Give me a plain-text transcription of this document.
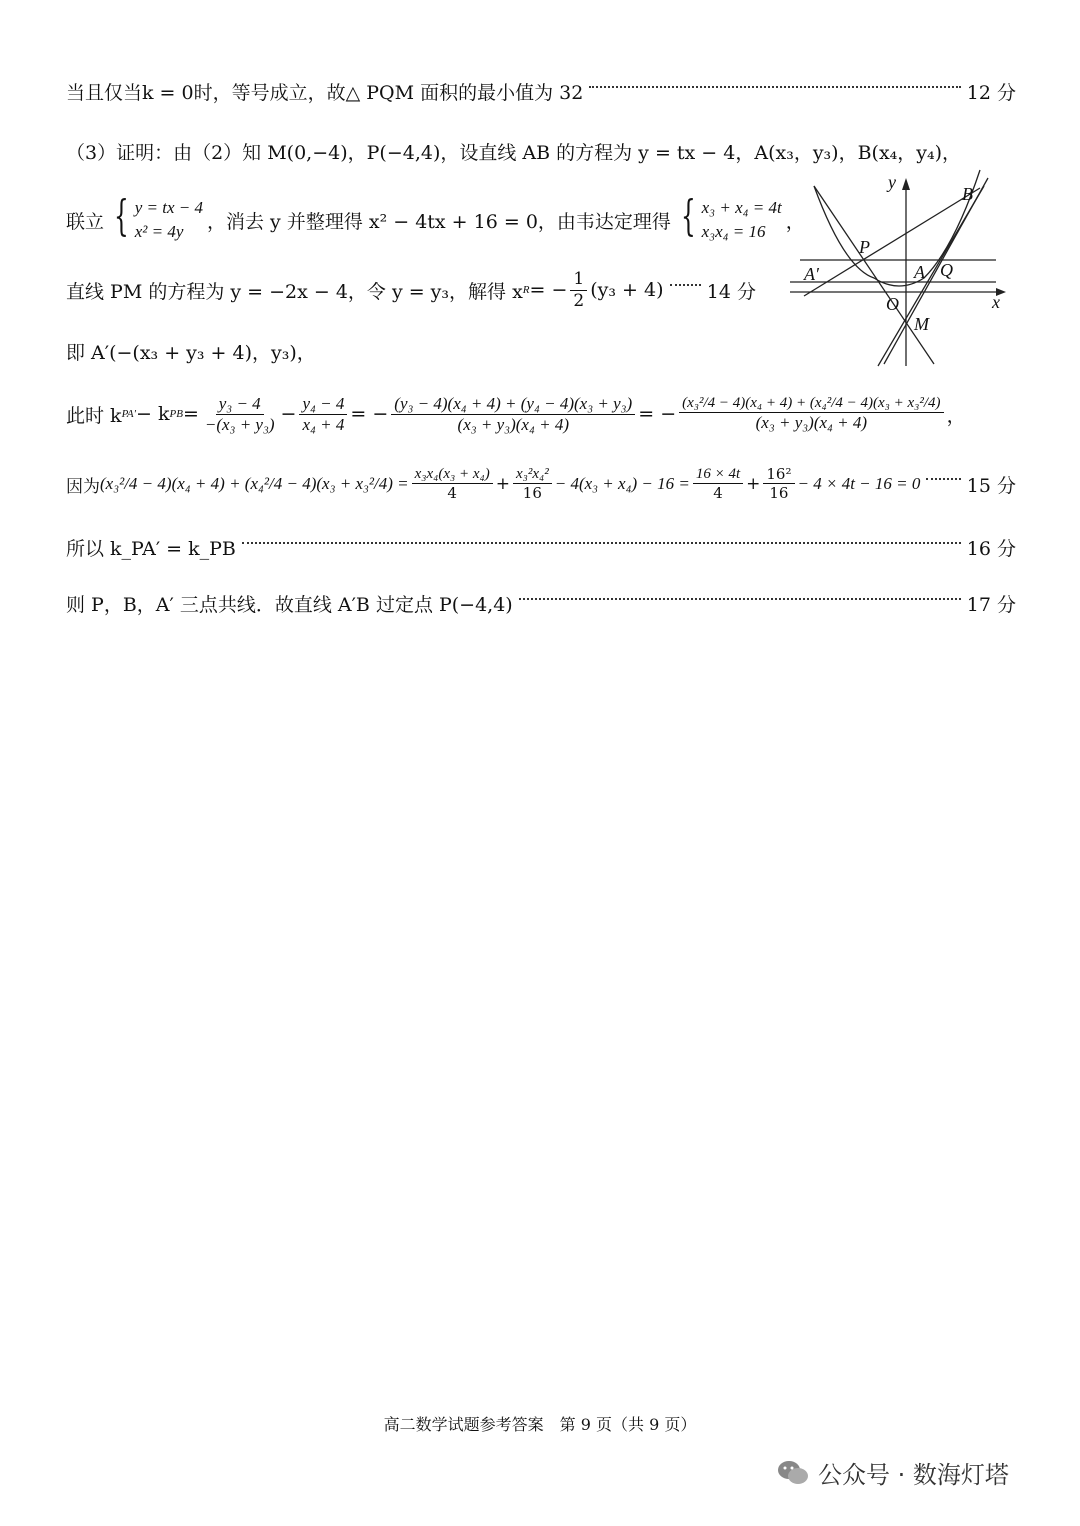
当且仅当k = 0时，等号成立，故△ PQM 面积的最小值为 32	12 分
（3）证明：由（2）知 M(0,−4)，P(−4,4)，设直线 AB 的方程为 y = tx − 4，A(x₃，y₃)，B(x₄，y₄)，
联立 { y = tx − 4
x² = 4y	，消去 y 并整理得 x² − 4tx + 16 = 0，由韦达定理得 { x₃ + x₄ = 4t
x₃x₄ = 16	，
直线 PM 的方程为 y = −2x − 4，令 y = y₃，解得 x R = − $\frac{1}{2} (y_3 + 4)$ 14 分
即 A′(−(x₃ + y₃ + 4)，y₃)，
此时 k PA′ − k PB = $\frac{\text{y₃ − 4}}{\text{−(x₃ + y₃)}} - \frac{\text{y₄ − 4}}{\text{x₄ + 4}}$ = − $\frac{\text{(y₃ − 4)(x₄ + 4) + (y₄ − 4)(x₃ + y₃)}}{\text{(x₃ + y₃)(x₄ + 4)}}$ = − $\frac{\text{(x₃²/4 − 4)(x₄ + 4) + (x₄²/4 − 4)(x₃ + x₃²/4)}}{\text{(x₃ + y₃)(x₄ + 4)}}$ ，
因为 $(x_3^2/4 - 4)(x_4 + 4) + (x_4^2/4 - 4)(x_3 + x_3^2/4) = \frac{\text{x₃x₄(x₃ + x₄)}}{4} + \frac{\text{x₃²x₄²}}{16} - 4(x_3 + x_4) - 16 = \frac{16 \times 4t}{4} + \frac{\text{16²}}{16} - 4 \times 4t - 16 = 0$ 15 分
所以 k_PA′ = k_PB	16 分
则 P，B，A′ 三点共线．故直线 A′B 过定点 P(−4,4)	17 分
y
x
B
P
A′	A Q
O
M
高二数学试题参考答案　第 9 页（共 9 页）
公众号 · 数海灯塔
